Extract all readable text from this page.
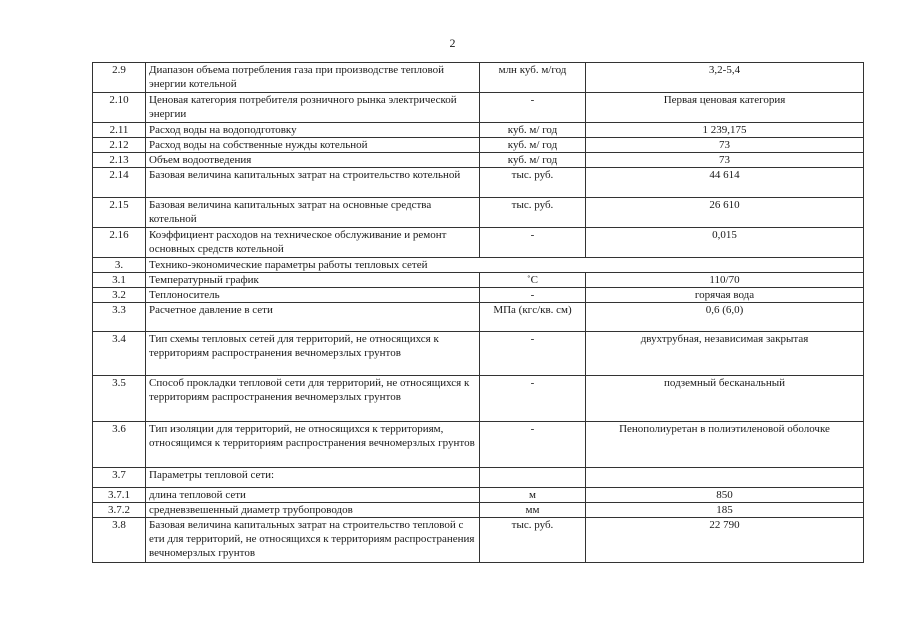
2
2.9	Диапазон объема потребления газа при производстве тепловой энергии котельной	млн куб. м/год	3,2-5,4
2.10	Ценовая категория потребителя розничного рынка электрической энергии	-	Первая ценовая категория
2.11	Расход воды на водоподготовку	куб. м/ год	1 239,175
2.12	Расход воды на собственные нужды котельной	куб. м/ год	73
2.13	Объем водоотведения	куб. м/ год	73
2.14	Базовая величина капитальных затрат на строительство котельной	тыс. руб.	44 614
2.15	Базовая величина капитальных затрат на основные средства котельной	тыс. руб.	26 610
2.16	Коэффициент расходов на техническое обслуживание и ремонт основных средств котельной	-	0,015
3.	Технико-экономические параметры работы тепловых сетей		
3.1	Температурный график	˚С	110/70
3.2	Теплоноситель	-	горячая вода
3.3	Расчетное давление в сети	МПа (кгс/кв. см)	0,6 (6,0)
3.4	Тип схемы тепловых сетей для территорий, не относящихся к территориям распространения вечномерзлых грунтов	-	двухтрубная, независимая закрытая
3.5	Способ прокладки тепловой сети для территорий, не относящихся к территориям распространения вечномерзлых грунтов	-	подземный бесканальный
3.6	Тип изоляции для территорий, не относящихся к территориям, относящимся к территориям распространения вечномерзлых грунтов	-	Пенополиуретан в полиэтиленовой оболочке
3.7	Параметры тепловой сети:		
3.7.1	длина тепловой сети	м	850
3.7.2	средневзвешенный диаметр трубопроводов	мм	185
3.8	Базовая величина капитальных затрат на строительство тепловой с ети для территорий, не относящихся к территориям распространения вечномерзлых грунтов	тыс. руб.	22 790
